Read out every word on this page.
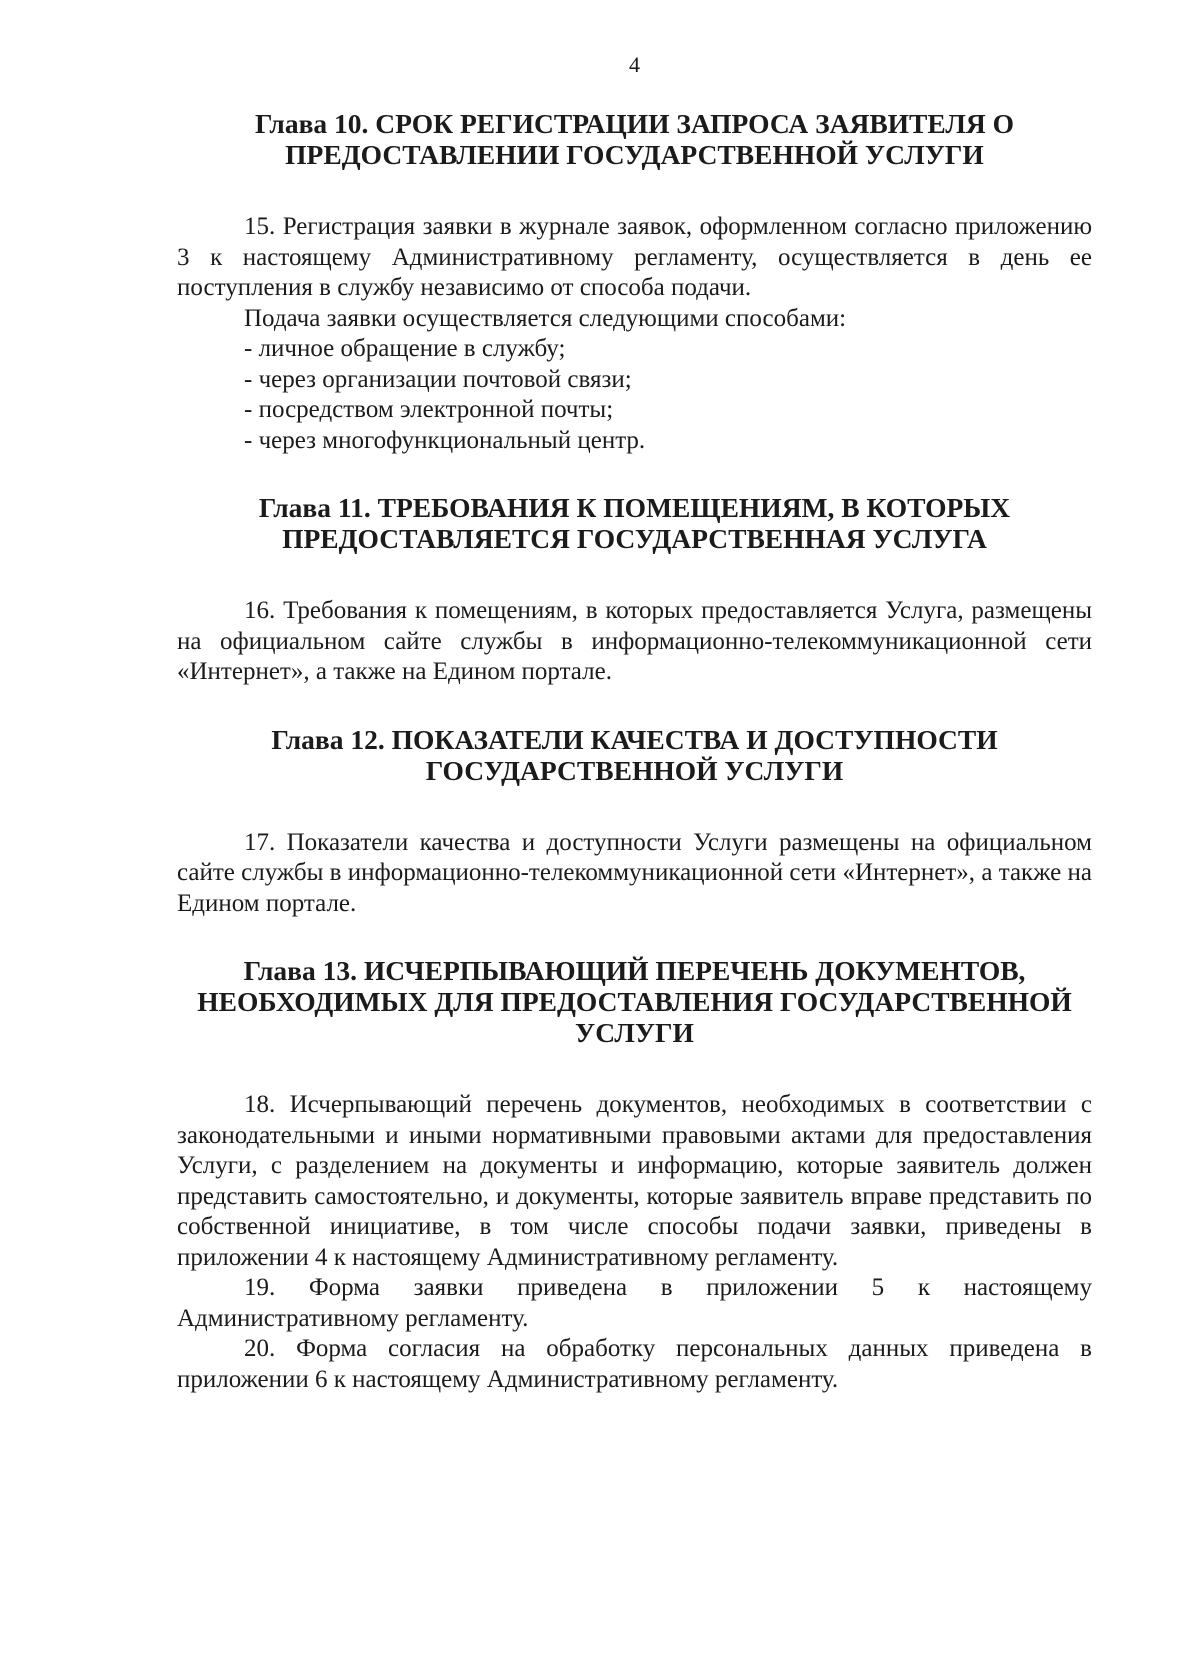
4
Глава 10. СРОК РЕГИСТРАЦИИ ЗАПРОСА ЗАЯВИТЕЛЯ О
ПРЕДОСТАВЛЕНИИ ГОСУДАРСТВЕННОЙ УСЛУГИ

15. Регистрация заявки в журнале заявок, оформленном согласно приложению 3 к настоящему Административному регламенту, осуществляется в день ее поступления в службу независимо от способа подачи.

Подача заявки осуществляется следующими способами:

- личное обращение в службу;
- через организации почтовой связи;
- посредством электронной почты;
- через многофункциональный центр.
Глава 11. ТРЕБОВАНИЯ К ПОМЕЩЕНИЯМ, В КОТОРЫХ
ПРЕДОСТАВЛЯЕТСЯ ГОСУДАРСТВЕННАЯ УСЛУГА

16. Требования к помещениям, в которых предоставляется Услуга, размещены на официальном сайте службы в информационно-телекоммуникационной сети «Интернет», а также на Едином портале.

Глава 12. ПОКАЗАТЕЛИ КАЧЕСТВА И ДОСТУПНОСТИ
ГОСУДАРСТВЕННОЙ УСЛУГИ

17. Показатели качества и доступности Услуги размещены на официальном сайте службы в информационно-телекоммуникационной сети «Интернет», а также на Едином портале.

Глава 13. ИСЧЕРПЫВАЮЩИЙ ПЕРЕЧЕНЬ ДОКУМЕНТОВ,
НЕОБХОДИМЫХ ДЛЯ ПРЕДОСТАВЛЕНИЯ ГОСУДАРСТВЕННОЙ
УСЛУГИ

18. Исчерпывающий перечень документов, необходимых в соответствии с законодательными и иными нормативными правовыми актами для предоставления Услуги, с разделением на документы и информацию, которые заявитель должен представить самостоятельно, и документы, которые заявитель вправе представить по собственной инициативе, в том числе способы подачи заявки, приведены в приложении 4 к настоящему Административному регламенту.

19. Форма заявки приведена в приложении 5 к настоящему Административному регламенту.

20. Форма согласия на обработку персональных данных приведена в приложении 6 к настоящему Административному регламенту.
